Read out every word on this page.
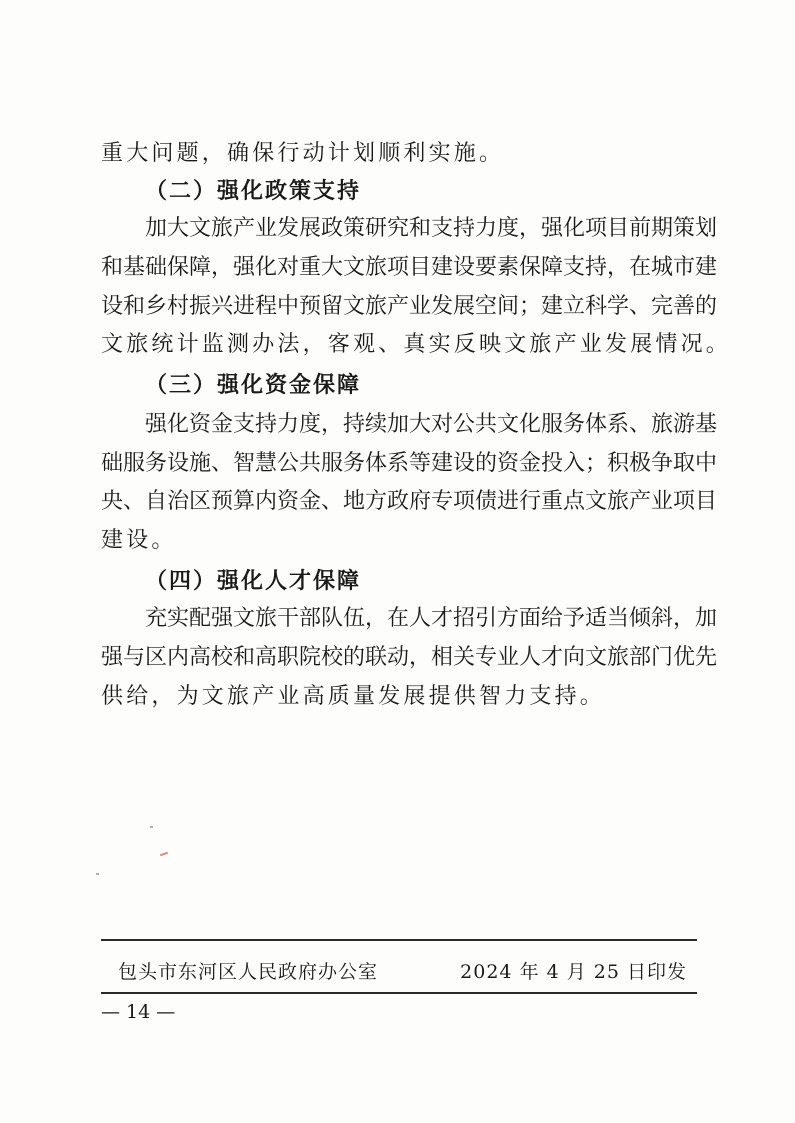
重大问题，确保行动计划顺利实施。
（二）强化政策支持
加大文旅产业发展政策研究和支持力度，强化项目前期策划
和基础保障，强化对重大文旅项目建设要素保障支持，在城市建
设和乡村振兴进程中预留文旅产业发展空间；建立科学、完善的
文旅统计监测办法，客观、真实反映文旅产业发展情况。
（三）强化资金保障
强化资金支持力度，持续加大对公共文化服务体系、旅游基
础服务设施、智慧公共服务体系等建设的资金投入；积极争取中
央、自治区预算内资金、地方政府专项债进行重点文旅产业项目
建设。
（四）强化人才保障
充实配强文旅干部队伍，在人才招引方面给予适当倾斜，加
强与区内高校和高职院校的联动，相关专业人才向文旅部门优先
供给，为文旅产业高质量发展提供智力支持。
包头市东河区人民政府办公室	2024 年 4 月 25 日印发
— 14 —
